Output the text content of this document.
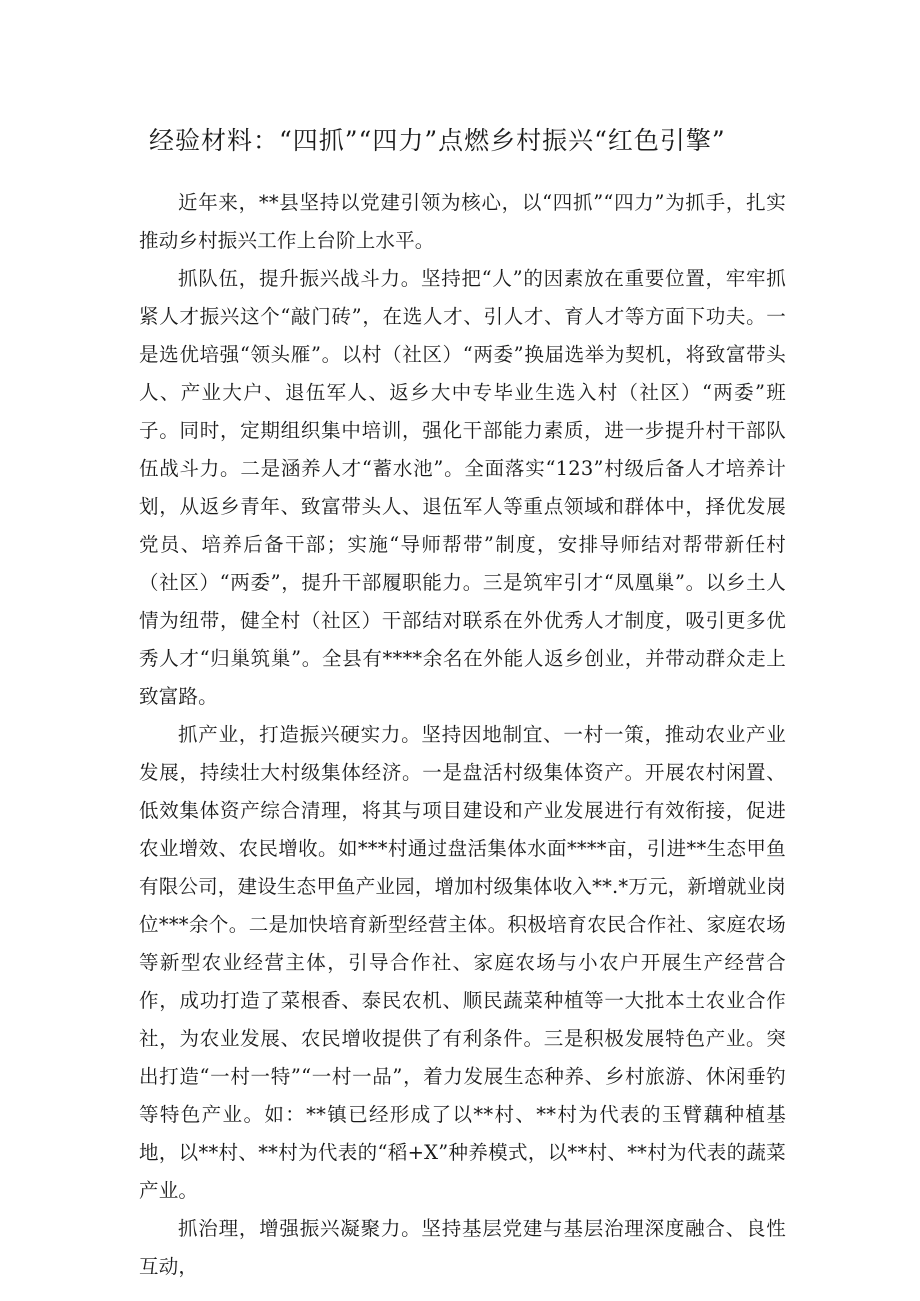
经验材料：“四抓”“四力”点燃乡村振兴“红色引擎”

近年来，**县坚持以党建引领为核心，以“四抓”“四力”为抓手，扎实推动乡村振兴工作上台阶上水平。

抓队伍，提升振兴战斗力。坚持把“人”的因素放在重要位置，牢牢抓紧人才振兴这个“敲门砖”，在选人才、引人才、育人才等方面下功夫。一是选优培强“领头雁”。以村（社区）“两委”换届选举为契机，将致富带头人、产业大户、退伍军人、返乡大中专毕业生选入村（社区）“两委”班子。同时，定期组织集中培训，强化干部能力素质，进一步提升村干部队伍战斗力。二是涵养人才“蓄水池”。全面落实“123”村级后备人才培养计划，从返乡青年、致富带头人、退伍军人等重点领域和群体中，择优发展党员、培养后备干部；实施“导师帮带”制度，安排导师结对帮带新任村（社区）“两委”，提升干部履职能力。三是筑牢引才“凤凰巢”。以乡土人情为纽带，健全村（社区）干部结对联系在外优秀人才制度，吸引更多优秀人才“归巢筑巢”。全县有****余名在外能人返乡创业，并带动群众走上致富路。

抓产业，打造振兴硬实力。坚持因地制宜、一村一策，推动农业产业发展，持续壮大村级集体经济。一是盘活村级集体资产。开展农村闲置、低效集体资产综合清理，将其与项目建设和产业发展进行有效衔接，促进农业增效、农民增收。如***村通过盘活集体水面****亩，引进**生态甲鱼有限公司，建设生态甲鱼产业园，增加村级集体收入**.*万元，新增就业岗位***余个。二是加快培育新型经营主体。积极培育农民合作社、家庭农场等新型农业经营主体，引导合作社、家庭农场与小农户开展生产经营合作，成功打造了菜根香、泰民农机、顺民蔬菜种植等一大批本土农业合作社，为农业发展、农民增收提供了有利条件。三是积极发展特色产业。突出打造“一村一特”“一村一品”，着力发展生态种养、乡村旅游、休闲垂钓等特色产业。如：**镇已经形成了以**村、**村为代表的玉臂藕种植基地，以**村、**村为代表的“稻+X”种养模式，以**村、**村为代表的蔬菜产业。

抓治理，增强振兴凝聚力。坚持基层党建与基层治理深度融合、良性互动，
